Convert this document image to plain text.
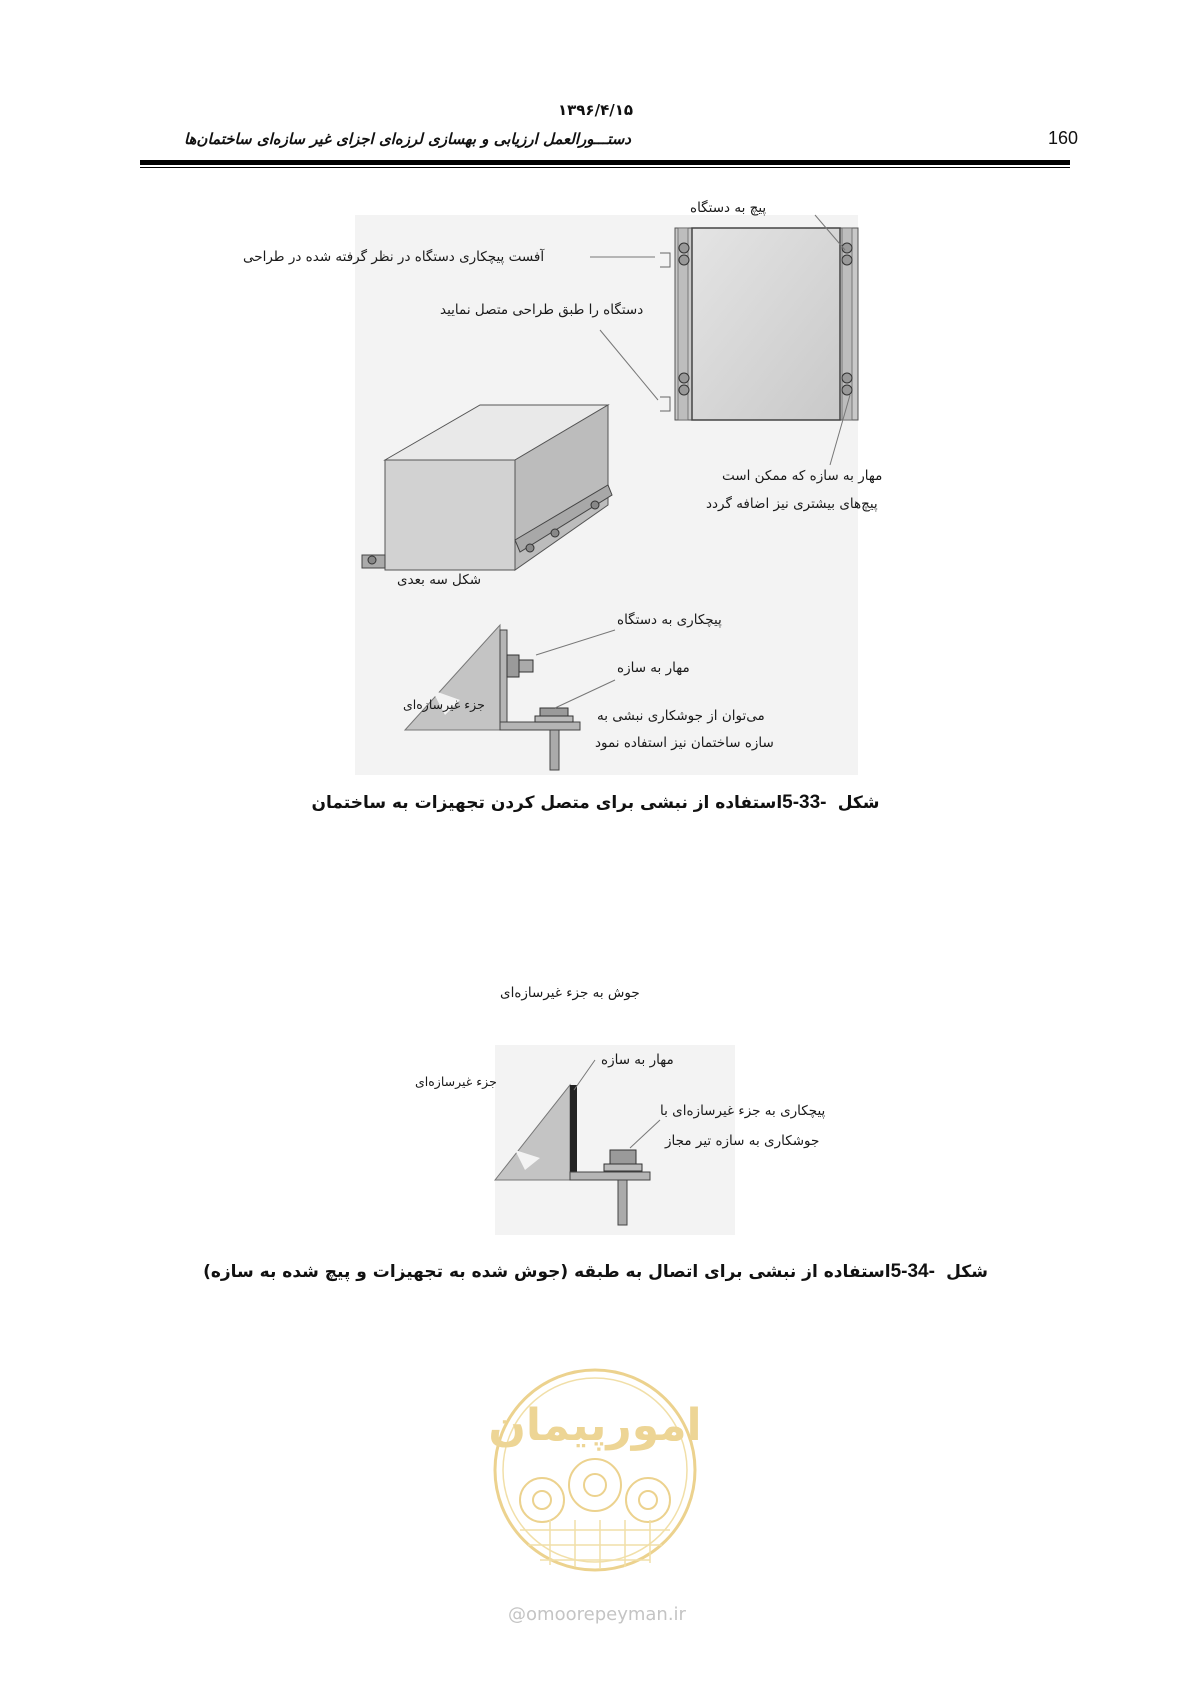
۱۳۹۶/۴/۱۵
دستـــورالعمل ارزیابی و بهسازی لرزه‌ای اجزای غیر سازه‌ای ساختمان‌ها	160
پیچ به دستگاه
آفست پیچکاری دستگاه در نظر گرفته شده در طراحی
دستگاه را طبق طراحی متصل نمایید
مهار به سازه که ممکن است
پیچ‌های بیشتری نیز اضافه گردد
شکل سه بعدی
پیچکاری به دستگاه
مهار به سازه
جزء غیرسازه‌ای
می‌توان از جوشکاری نبشی به
سازه ساختمان نیز استفاده نمود
شکل 5-33- استفاده از نبشی برای متصل کردن تجهیزات به ساختمان
جوش به جزء غیرسازه‌ای
مهار به سازه
جزء غیرسازه‌ای
پیچکاری به جزء غیرسازه‌ای با
جوشکاری به سازه تیر مجاز
شکل 5-34- استفاده از نبشی برای اتصال به طبقه (جوش شده به تجهیزات و پیچ شده به سازه)
امورپیمان
@omoorepeyman.ir
